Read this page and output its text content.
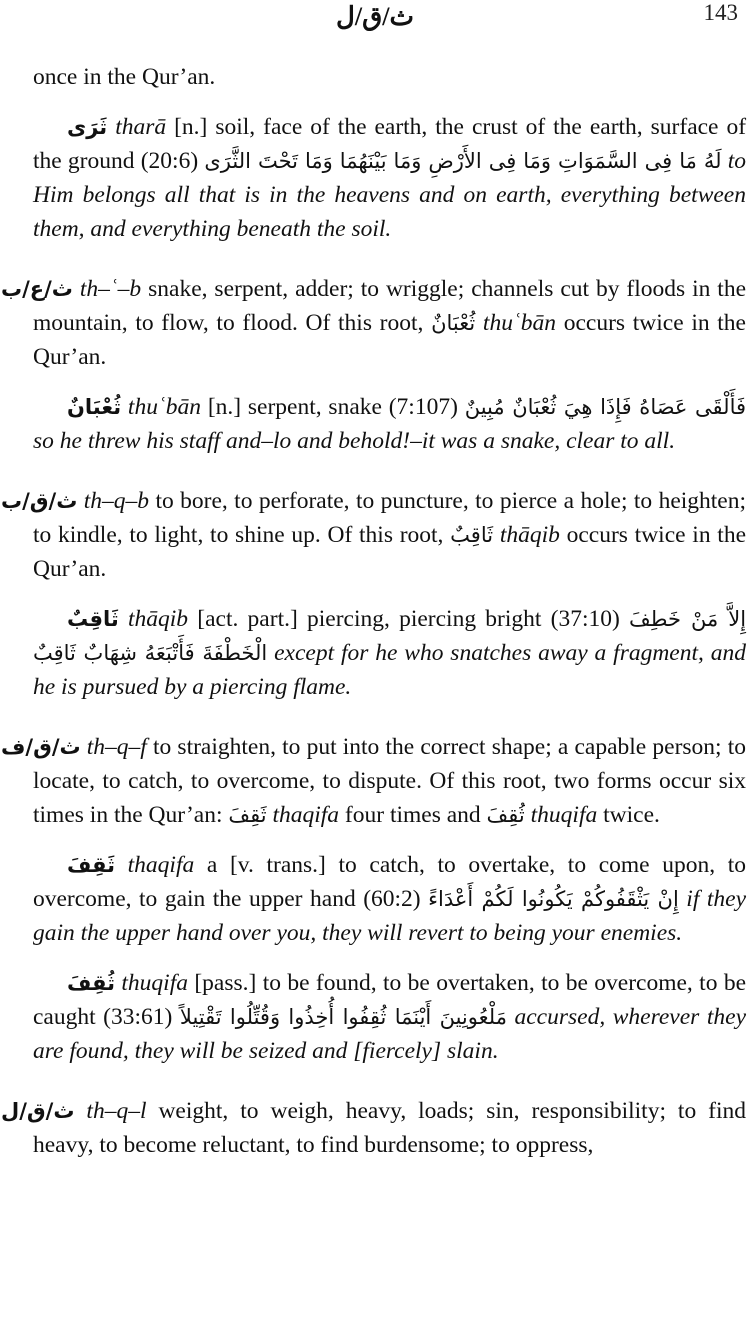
ث/ق/ل	143

once in the Qur’an.

ثَرَى tharā [n.] soil, face of the earth, the crust of the earth, surface of the ground (20:6) لَهُ مَا فِى السَّمَوَاتِ وَمَا فِى الأَرْضِ وَمَا بَيْنَهُمَا وَمَا تَحْتَ الثَّرَى to Him belongs all that is in the heavens and on earth, everything between them, and everything beneath the soil.

ث/ع/ب th–ʿ–b snake, serpent, adder; to wriggle; channels cut by floods in the mountain, to flow, to flood. Of this root, ثُعْبَانٌ thuʿbān occurs twice in the Qur’an.

ثُعْبَانٌ thuʿbān [n.] serpent, snake (7:107) فَأَلْقَى عَصَاهُ فَإِذَا هِيَ ثُعْبَانٌ مُبِينٌ so he threw his staff and–lo and behold!–it was a snake, clear to all.

ث/ق/ب th–q–b to bore, to perforate, to puncture, to pierce a hole; to heighten; to kindle, to light, to shine up. Of this root, ثَاقِبٌ thāqib occurs twice in the Qur’an.

ثَاقِبٌ thāqib [act. part.] piercing, piercing bright (37:10) إِلاَّ مَنْ خَطِفَ الْخَطْفَةَ فَأَتْبَعَهُ شِهَابٌ ثَاقِبٌ except for he who snatches away a fragment, and he is pursued by a piercing flame.

ث/ق/ف th–q–f to straighten, to put into the correct shape; a capable person; to locate, to catch, to overcome, to dispute. Of this root, two forms occur six times in the Qur’an: ثَقِفَ thaqifa four times and ثُقِفَ thuqifa twice.

ثَقِفَ thaqifa a [v. trans.] to catch, to overtake, to come upon, to overcome, to gain the upper hand (60:2) إِنْ يَثْقَفُوكُمْ يَكُونُوا لَكُمْ أَعْدَاءً if they gain the upper hand over you, they will revert to being your enemies.

ثُقِفَ thuqifa [pass.] to be found, to be overtaken, to be overcome, to be caught (33:61) مَلْعُونِينَ أَيْنَمَا ثُقِفُوا أُخِذُوا وَقُتِّلُوا تَقْتِيلاً accursed, wherever they are found, they will be seized and [fiercely] slain.

ث/ق/ل th–q–l weight, to weigh, heavy, loads; sin, responsibility; to find heavy, to become reluctant, to find burdensome; to oppress,
